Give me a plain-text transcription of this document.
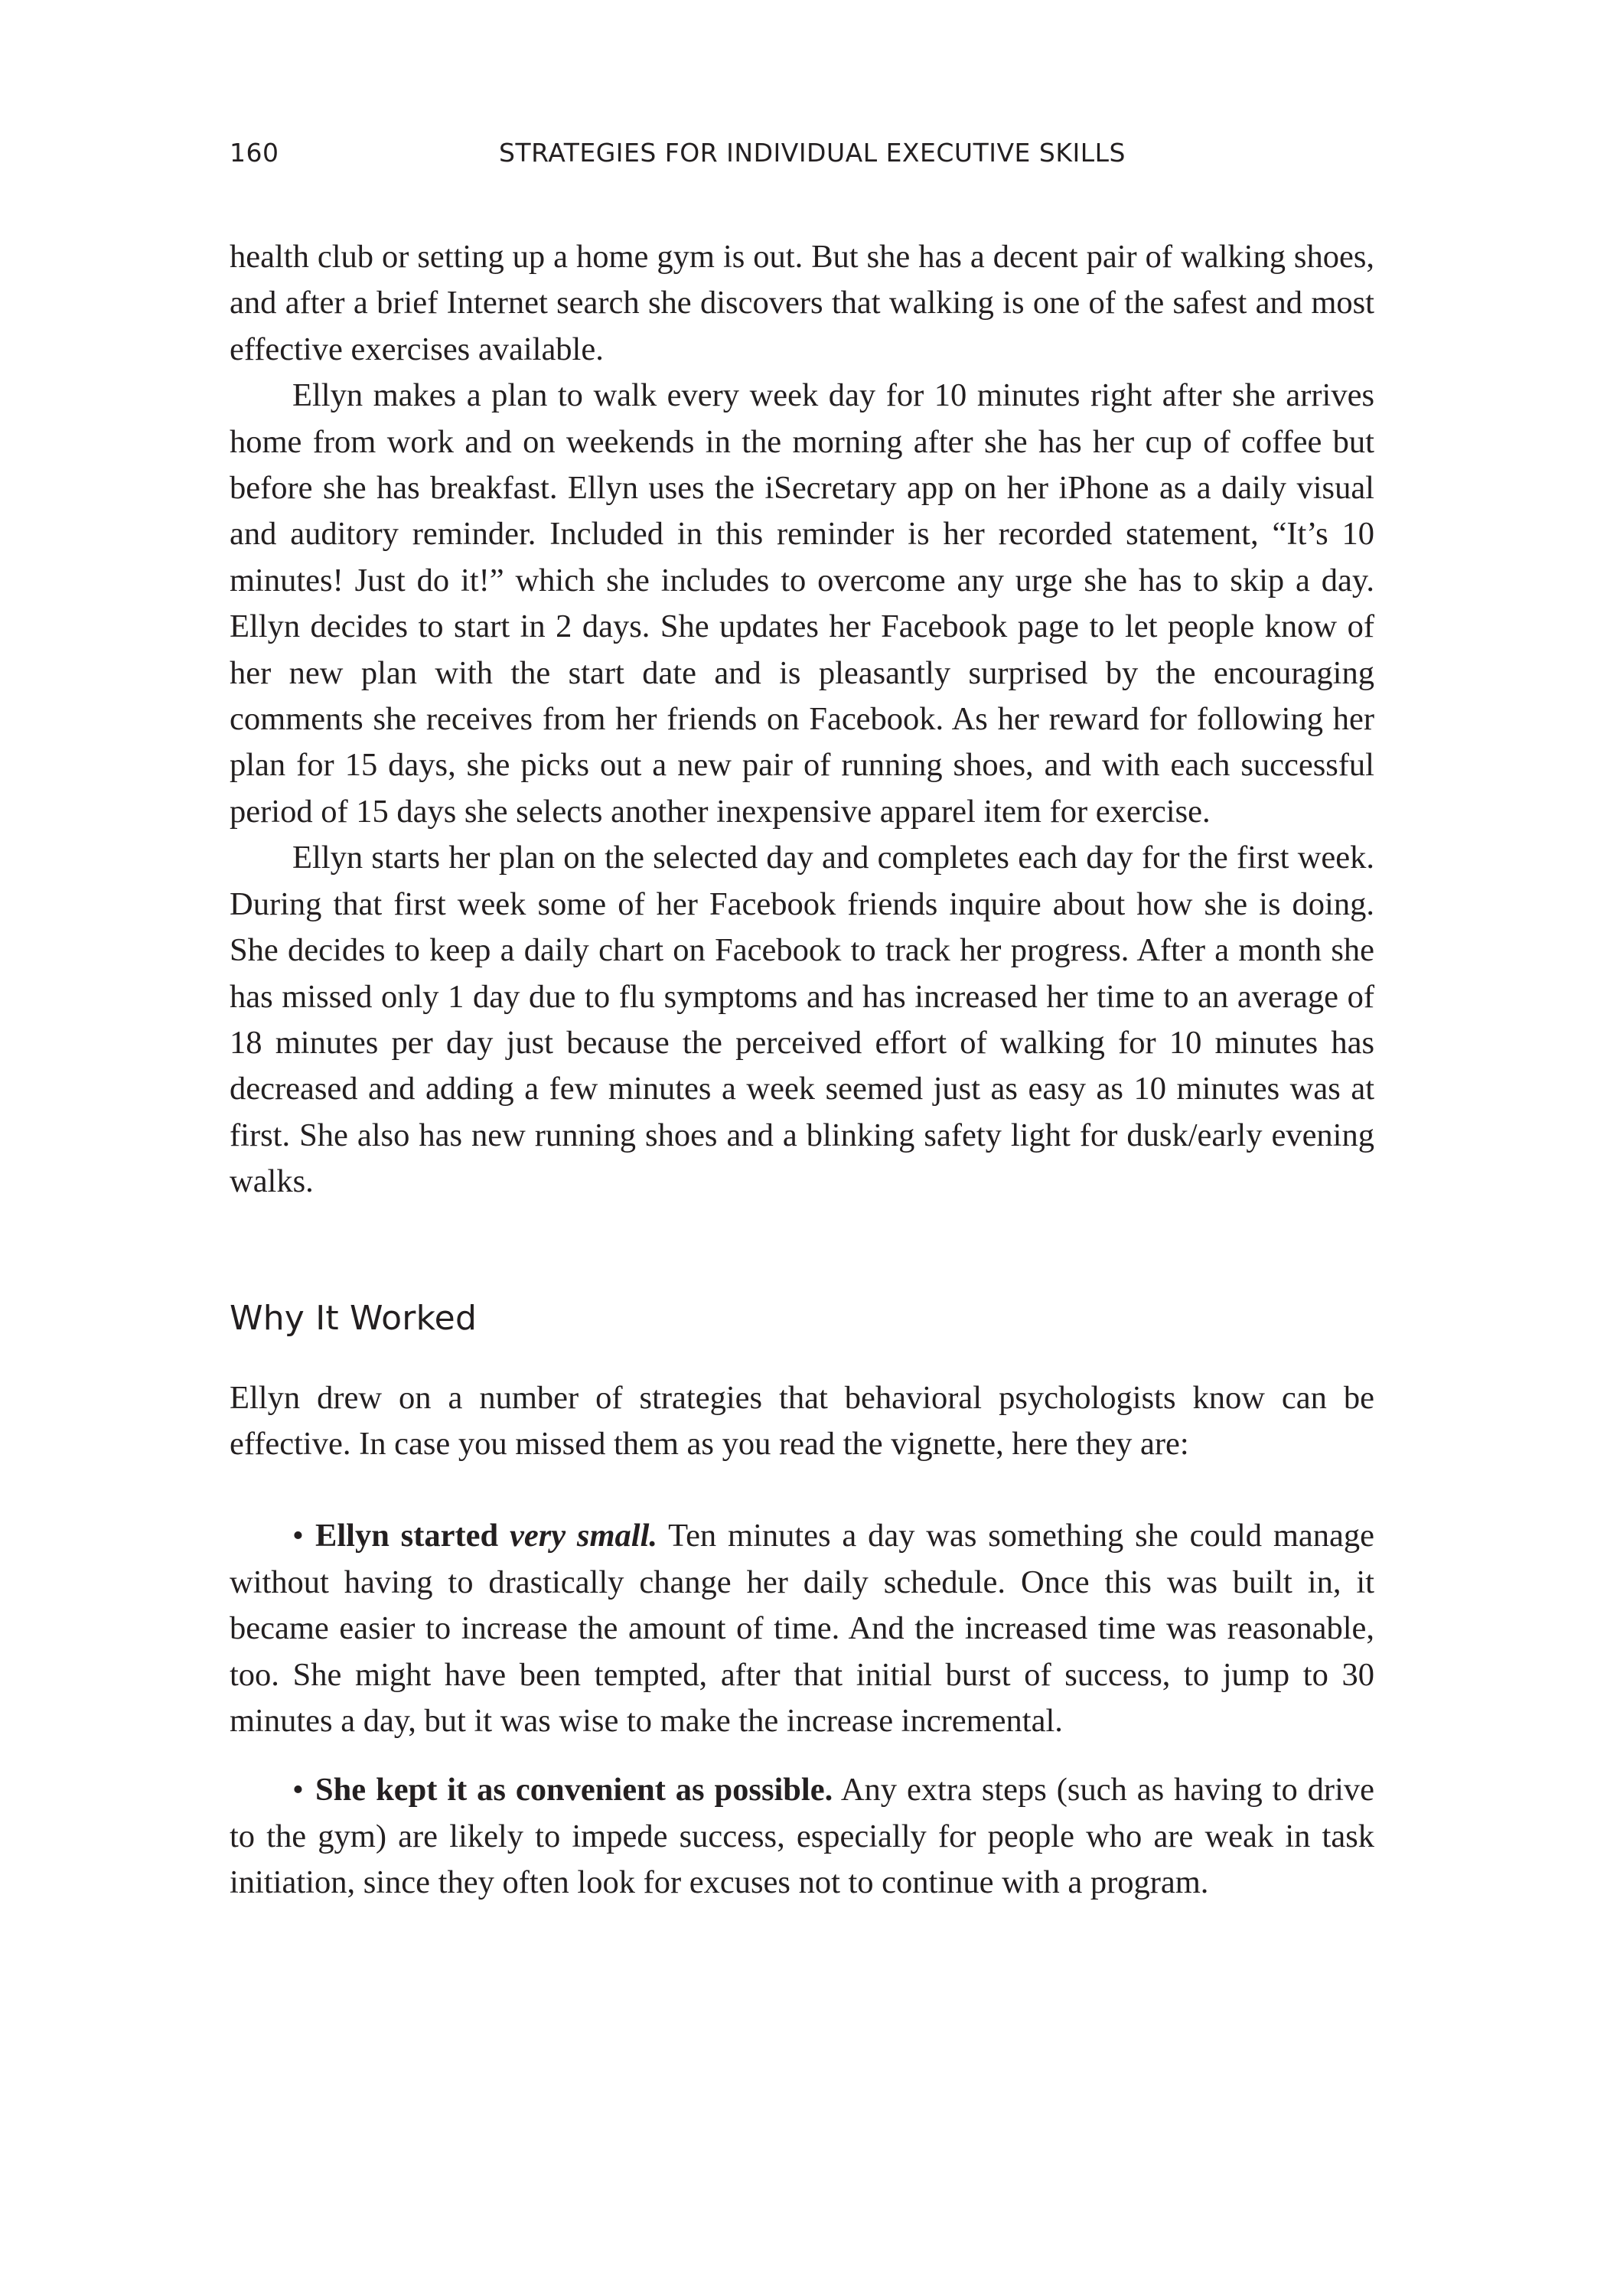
160	STRATEGIES FOR INDIVIDUAL EXECUTIVE SKILLS

health club or setting up a home gym is out. But she has a decent pair of walking shoes, and after a brief Internet search she discovers that walking is one of the safest and most effective exercises available.

Ellyn makes a plan to walk every week day for 10 minutes right after she arrives home from work and on weekends in the morning after she has her cup of coffee but before she has breakfast. Ellyn uses the iSecretary app on her iPhone as a daily visual and auditory reminder. Included in this reminder is her recorded statement, “It’s 10 minutes! Just do it!” which she includes to overcome any urge she has to skip a day. Ellyn decides to start in 2 days. She updates her Facebook page to let people know of her new plan with the start date and is pleasantly surprised by the encouraging comments she receives from her friends on Facebook. As her reward for following her plan for 15 days, she picks out a new pair of running shoes, and with each successful period of 15 days she selects another inexpensive apparel item for exercise.

Ellyn starts her plan on the selected day and completes each day for the first week. During that first week some of her Facebook friends inquire about how she is doing. She decides to keep a daily chart on Facebook to track her progress. After a month she has missed only 1 day due to flu symptoms and has increased her time to an average of 18 minutes per day just because the perceived effort of walking for 10 minutes has decreased and adding a few minutes a week seemed just as easy as 10 minutes was at first. She also has new running shoes and a blinking safety light for dusk/early evening walks.

Why It Worked

Ellyn drew on a number of strategies that behavioral psychologists know can be effective. In case you missed them as you read the vignette, here they are:

• Ellyn started very small. Ten minutes a day was something she could manage without having to drastically change her daily schedule. Once this was built in, it became easier to increase the amount of time. And the increased time was reasonable, too. She might have been tempted, after that initial burst of success, to jump to 30 minutes a day, but it was wise to make the increase incremental.
• She kept it as convenient as possible. Any extra steps (such as having to drive to the gym) are likely to impede success, especially for people who are weak in task initiation, since they often look for excuses not to continue with a program.
